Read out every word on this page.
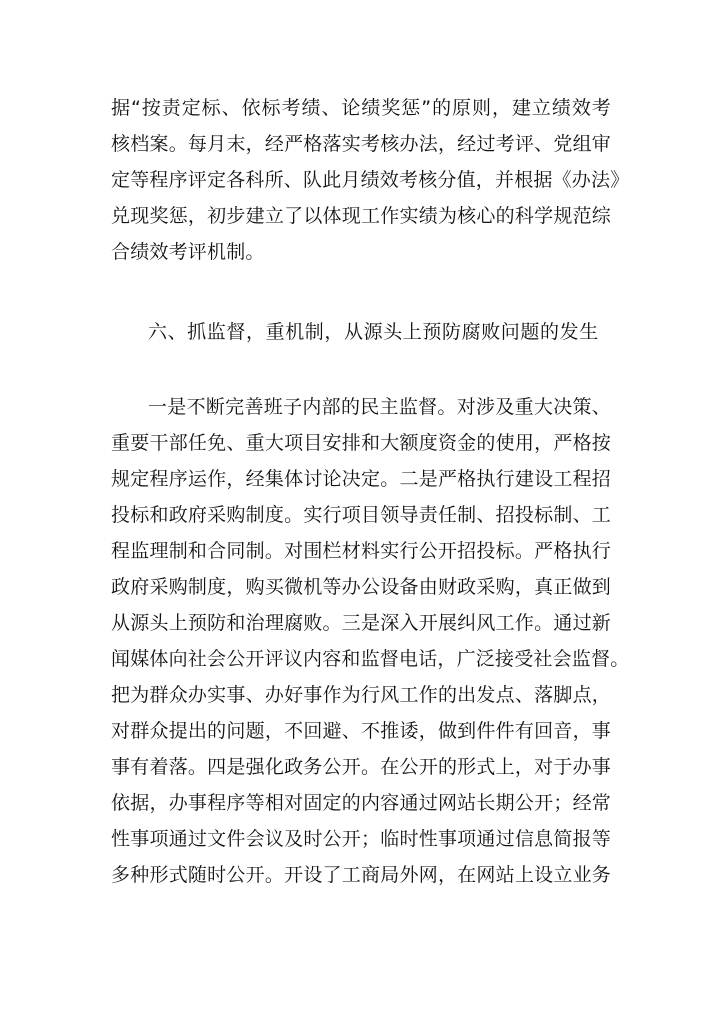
据“按责定标、依标考绩、论绩奖惩”的原则，建立绩效考
核档案。每月末，经严格落实考核办法，经过考评、党组审
定等程序评定各科所、队此月绩效考核分值，并根据《办法》
兑现奖惩，初步建立了以体现工作实绩为核心的科学规范综
合绩效考评机制。
六、抓监督，重机制，从源头上预防腐败问题的发生
一是不断完善班子内部的民主监督。对涉及重大决策、
重要干部任免、重大项目安排和大额度资金的使用，严格按
规定程序运作，经集体讨论决定。二是严格执行建设工程招
投标和政府采购制度。实行项目领导责任制、招投标制、工
程监理制和合同制。对围栏材料实行公开招投标。严格执行
政府采购制度，购买微机等办公设备由财政采购，真正做到
从源头上预防和治理腐败。三是深入开展纠风工作。通过新
闻媒体向社会公开评议内容和监督电话，广泛接受社会监督。
把为群众办实事、办好事作为行风工作的出发点、落脚点，
对群众提出的问题，不回避、不推诿，做到件件有回音，事
事有着落。四是强化政务公开。在公开的形式上，对于办事
依据，办事程序等相对固定的内容通过网站长期公开；经常
性事项通过文件会议及时公开；临时性事项通过信息简报等
多种形式随时公开。开设了工商局外网，在网站上设立业务
